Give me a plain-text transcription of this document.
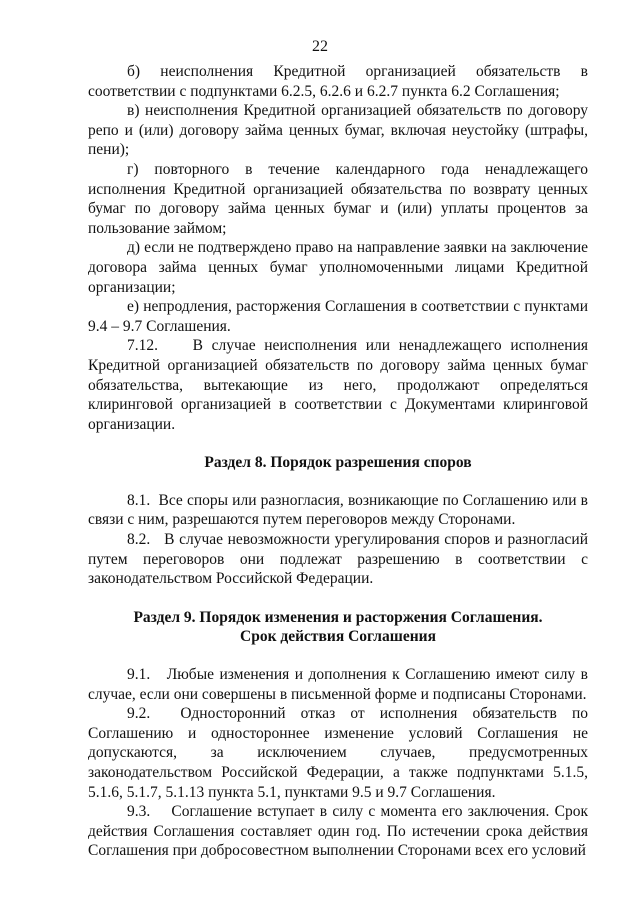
22

б) неисполнения Кредитной организацией обязательств в соответствии с подпунктами 6.2.5, 6.2.6 и 6.2.7 пункта 6.2 Соглашения;

в) неисполнения Кредитной организацией обязательств по договору репо и (или) договору займа ценных бумаг, включая неустойку (штрафы, пени);

г) повторного в течение календарного года ненадлежащего исполнения Кредитной организацией обязательства по возврату ценных бумаг по договору займа ценных бумаг и (или) уплаты процентов за пользование займом;

д) если не подтверждено право на направление заявки на заключение договора займа ценных бумаг уполномоченными лицами Кредитной организации;

е) непродления, расторжения Соглашения в соответствии с пунктами 9.4 – 9.7 Соглашения.

7.12.    В случае неисполнения или ненадлежащего исполнения Кредитной организацией обязательств по договору займа ценных бумаг обязательства, вытекающие из него, продолжают определяться клиринговой организацией в соответствии с Документами клиринговой организации.

Раздел 8. Порядок разрешения споров

8.1.  Все споры или разногласия, возникающие по Соглашению или в связи с ним, разрешаются путем переговоров между Сторонами.

8.2.   В случае невозможности урегулирования споров и разногласий путем переговоров они подлежат разрешению в соответствии с законодательством Российской Федерации.

Раздел 9. Порядок изменения и расторжения Соглашения.

Срок действия Соглашения

9.1.   Любые изменения и дополнения к Соглашению имеют силу в случае, если они совершены в письменной форме и подписаны Сторонами.

9.2.  Односторонний отказ от исполнения обязательств по Соглашению и одностороннее изменение условий Соглашения не допускаются, за исключением случаев, предусмотренных законодательством Российской Федерации, а также подпунктами 5.1.5, 5.1.6, 5.1.7, 5.1.13 пункта 5.1, пунктами 9.5 и 9.7 Соглашения.

9.3.    Соглашение вступает в силу с момента его заключения. Срок действия Соглашения составляет один год. По истечении срока действия Соглашения при добросовестном выполнении Сторонами всех его условий
